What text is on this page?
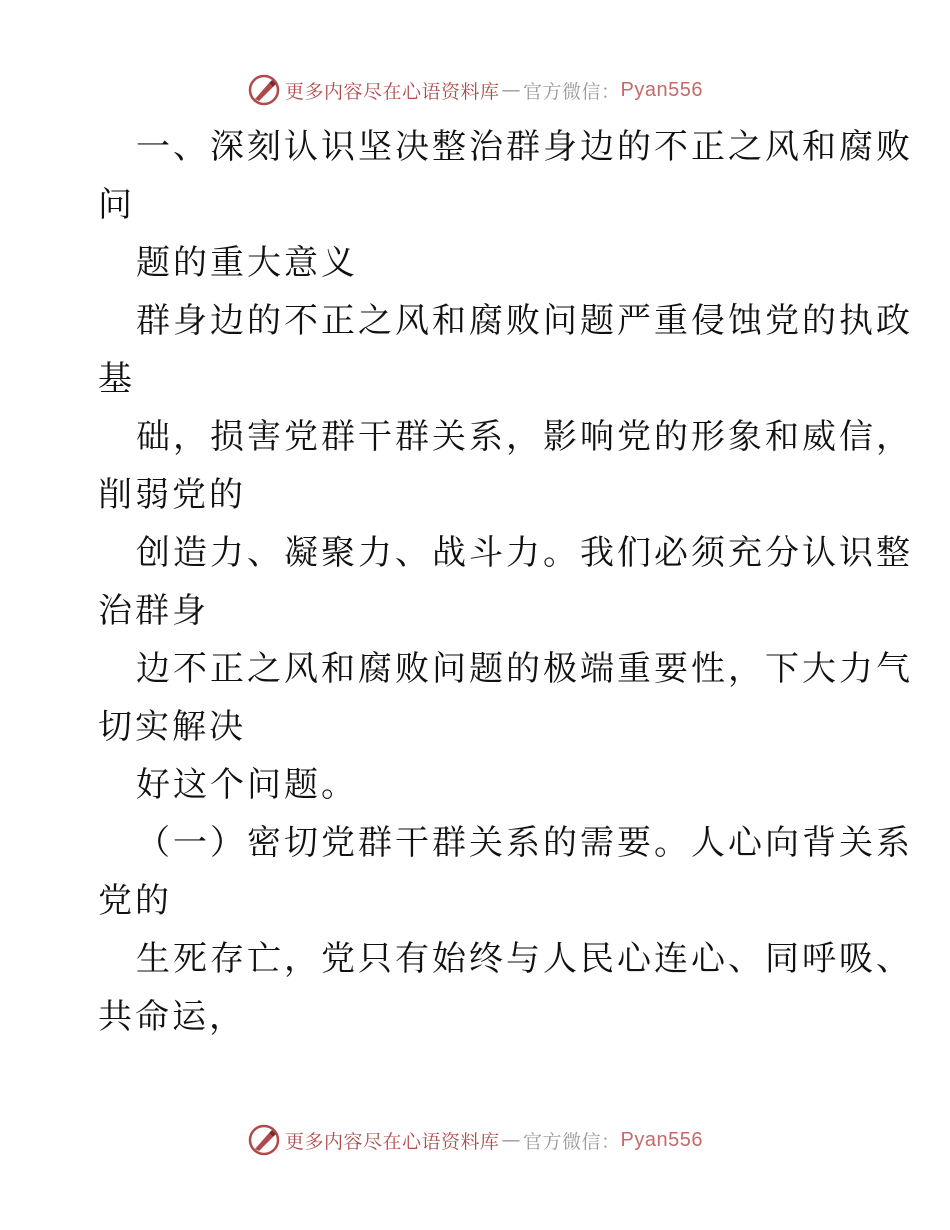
更多内容尽在心语资料库 — 官方微信： Pyan556
一、深刻认识坚决整治群身边的不正之风和腐败
问
题的重大意义
群身边的不正之风和腐败问题严重侵蚀党的执政
基
础，损害党群干群关系，影响党的形象和威信，
削弱党的
创造力、凝聚力、战斗力。我们必须充分认识整
治群身
边不正之风和腐败问题的极端重要性，下大力气
切实解决
好这个问题。
（一）密切党群干群关系的需要。人心向背关系
党的
生死存亡，党只有始终与人民心连心、同呼吸、
共命运，
更多内容尽在心语资料库 — 官方微信： Pyan556
